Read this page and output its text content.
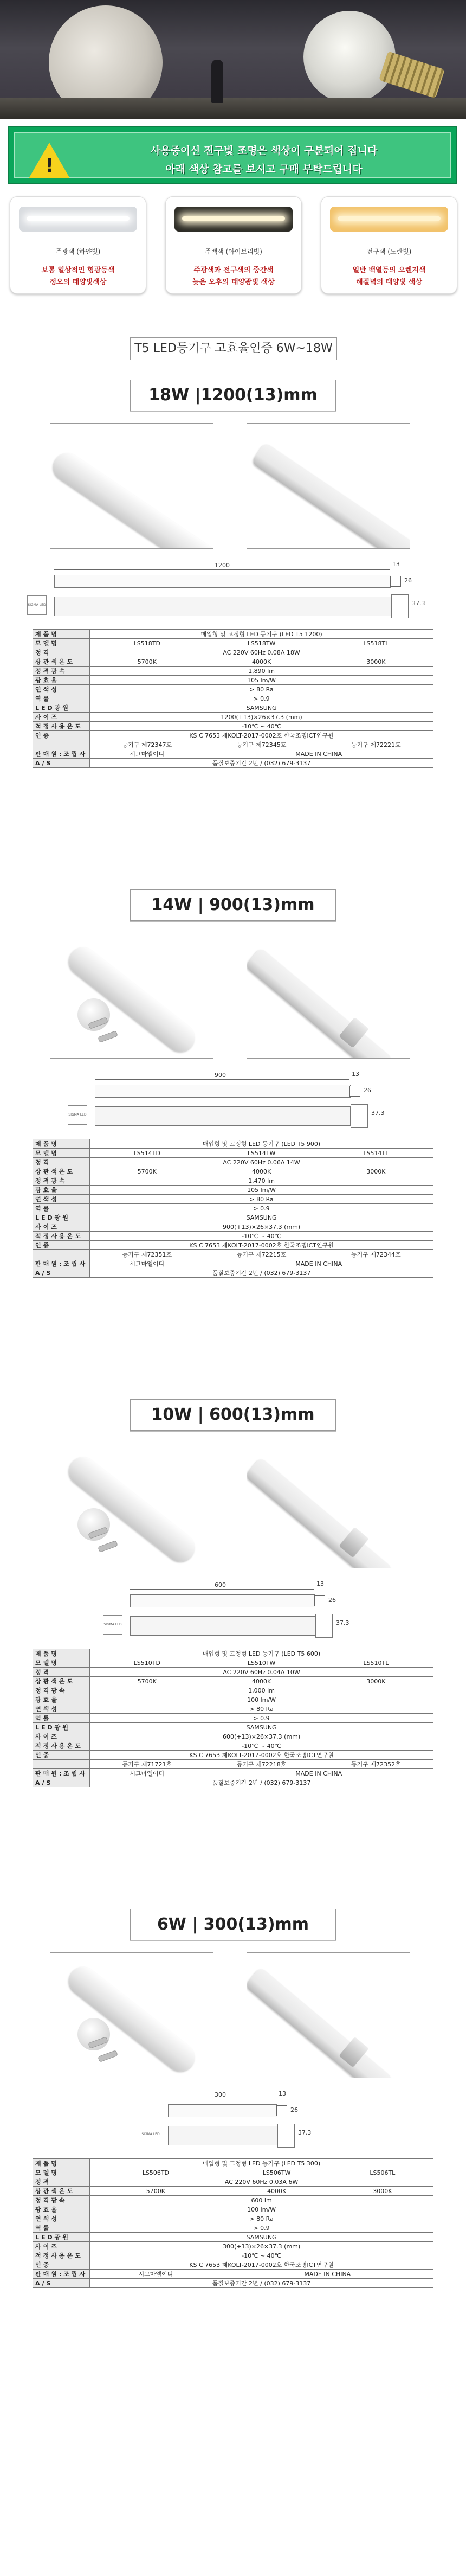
!
사용중이신 전구빛 조명은 색상이 구분되어 집니다
아래 색상 참고를 보시고 구매 부탁드립니다
주광색 (하얀빛)
보통 일상적인 형광등색
정오의 태양빛색상
주백색 (아이보리빛)
주광색과 전구색의 중간색
늦은 오후의 태양광빛 색상
전구색 (노란빛)
일반 백열등의 오렌지색
해질녘의 태양빛 색상
T5 LED등기구 고효율인증 6W~18W
18W |1200(13)mm
1200	13
26
37.3
SIGMA LED
제품명	매입형 및 고정형 LED 등기구 (LED T5 1200)		
모델명	LS518TD	LS518TW	LS518TL
정격	AC 220V 60Hz 0.08A 18W		
상관색온도	5700K	4000K	3000K
정격광속	1,890 lm		
광효율	105 lm/W		
연색성	> 80 Ra		
역률	> 0.9		
LED광원	SAMSUNG		
사이즈	1200(+13)×26×37.3 (mm)		
적정사용온도	-10℃ ~ 40℃		
인증	KS C 7653 제KOLT-2017-0002호 한국조명ICT연구원		
	등기구 제72347호	등기구 제72345호	등기구 제72221호
판매원:조립사	시그마엘이디	MADE IN CHINA	
A/S	품질보증기간 2년 / (032) 679-3137		
14W | 900(13)mm
900	13
26
37.3
SIGMA LED
제품명	매입형 및 고정형 LED 등기구 (LED T5 900)		
모델명	LS514TD	LS514TW	LS514TL
정격	AC 220V 60Hz 0.06A 14W		
상관색온도	5700K	4000K	3000K
정격광속	1,470 lm		
광효율	105 lm/W		
연색성	> 80 Ra		
역률	> 0.9		
LED광원	SAMSUNG		
사이즈	900(+13)×26×37.3 (mm)		
적정사용온도	-10℃ ~ 40℃		
인증	KS C 7653 제KOLT-2017-0002호 한국조명ICT연구원		
	등기구 제72351호	등기구 제72215호	등기구 제72344호
판매원:조립사	시그마엘이디	MADE IN CHINA	
A/S	품질보증기간 2년 / (032) 679-3137		
10W | 600(13)mm
600	13
26
37.3
SIGMA LED
제품명	매입형 및 고정형 LED 등기구 (LED T5 600)		
모델명	LS510TD	LS510TW	LS510TL
정격	AC 220V 60Hz 0.04A 10W		
상관색온도	5700K	4000K	3000K
정격광속	1,000 lm		
광효율	100 lm/W		
연색성	> 80 Ra		
역률	> 0.9		
LED광원	SAMSUNG		
사이즈	600(+13)×26×37.3 (mm)		
적정사용온도	-10℃ ~ 40℃		
인증	KS C 7653 제KOLT-2017-0002호 한국조명ICT연구원		
	등기구 제71721호	등기구 제72218호	등기구 제72352호
판매원:조립사	시그마엘이디	MADE IN CHINA	
A/S	품질보증기간 2년 / (032) 679-3137		
6W | 300(13)mm
300	13
26
37.3
SIGMA LED
제품명	매입형 및 고정형 LED 등기구 (LED T5 300)		
모델명	LS506TD	LS506TW	LS506TL
정격	AC 220V 60Hz 0.03A 6W		
상관색온도	5700K	4000K	3000K
정격광속	600 lm		
광효율	100 lm/W		
연색성	> 80 Ra		
역률	> 0.9		
LED광원	SAMSUNG		
사이즈	300(+13)×26×37.3 (mm)		
적정사용온도	-10℃ ~ 40℃		
인증	KS C 7653 제KOLT-2017-0002호 한국조명ICT연구원		
판매원:조립사	시그마엘이디	MADE IN CHINA	
A/S	품질보증기간 2년 / (032) 679-3137		
